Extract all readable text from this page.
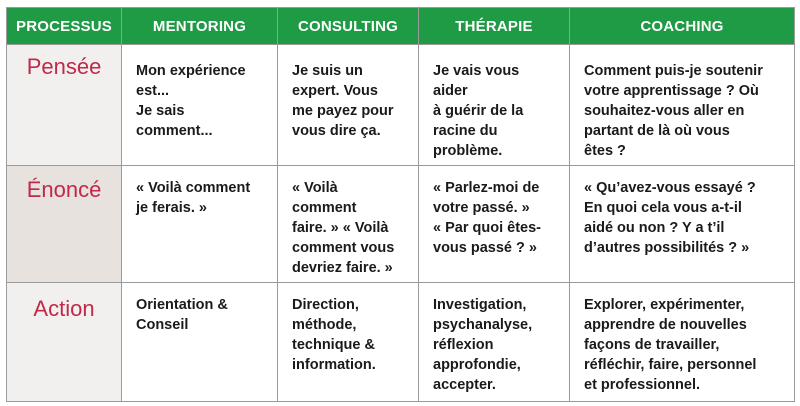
PROCESSUS	MENTORING	CONSULTING	THÉRAPIE	COACHING

Pensée	Mon expérience
est...
Je sais
comment...	Je suis un
expert. Vous
me payez pour
vous dire ça.	Je vais vous aider
à guérir de la
racine du
problème.	Comment puis-je soutenir
votre apprentissage ? Où
souhaitez-vous aller en
partant de là où vous
êtes ?

Énoncé	« Voilà comment
je ferais. »	« Voilà
comment
faire. » « Voilà
comment vous
devriez faire. »	« Parlez-moi de
votre passé. »
« Par quoi êtes-
vous passé ? »	« Qu’avez-vous essayé ?
En quoi cela vous a-t-il
aidé ou non ? Y a t’il
d’autres possibilités ? »

Action	Orientation &
Conseil	Direction,
méthode,
technique &
information.	Investigation,
psychanalyse,
réflexion
approfondie,
accepter.	Explorer, expérimenter,
apprendre de nouvelles
façons de travailler,
réfléchir, faire, personnel
et professionnel.
